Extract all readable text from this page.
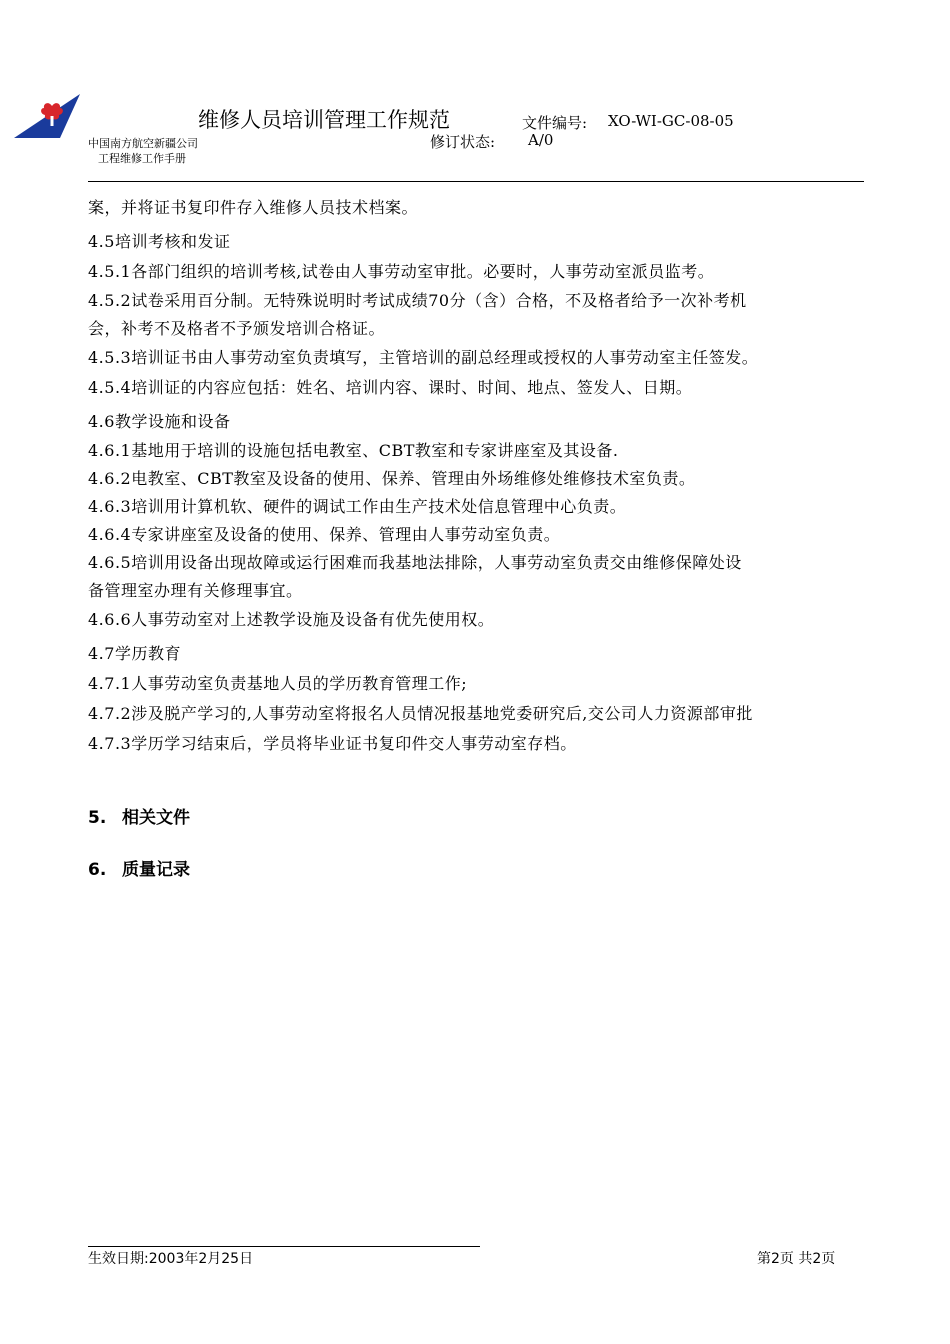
中国南方航空新疆公司
工程维修工作手册
维修人员培训管理工作规范	文件编号: XO-WI-GC-08-05
修订状态: A/0

案，并将证书复印件存入维修人员技术档案。

4.5培训考核和发证

4.5.1各部门组织的培训考核,试卷由人事劳动室审批。必要时，人事劳动室派员监考。

4.5.2试卷采用百分制。无特殊说明时考试成绩70分（含）合格，不及格者给予一次补考机

会，补考不及格者不予颁发培训合格证。

4.5.3培训证书由人事劳动室负责填写，主管培训的副总经理或授权的人事劳动室主任签发。

4.5.4培训证的内容应包括：姓名、培训内容、课时、时间、地点、签发人、日期。

4.6教学设施和设备

4.6.1基地用于培训的设施包括电教室、CBT教室和专家讲座室及其设备.

4.6.2电教室、CBT教室及设备的使用、保养、管理由外场维修处维修技术室负责。

4.6.3培训用计算机软、硬件的调试工作由生产技术处信息管理中心负责。

4.6.4专家讲座室及设备的使用、保养、管理由人事劳动室负责。

4.6.5培训用设备出现故障或运行困难而我基地法排除，人事劳动室负责交由维修保障处设

备管理室办理有关修理事宜。

4.6.6人事劳动室对上述教学设施及设备有优先使用权。

4.7学历教育

4.7.1人事劳动室负责基地人员的学历教育管理工作;

4.7.2涉及脱产学习的,人事劳动室将报名人员情况报基地党委研究后,交公司人力资源部审批

4.7.3学历学习结束后，学员将毕业证书复印件交人事劳动室存档。

5. 相关文件
6. 质量记录
生效日期:2003年2月25日	第2页 共2页
